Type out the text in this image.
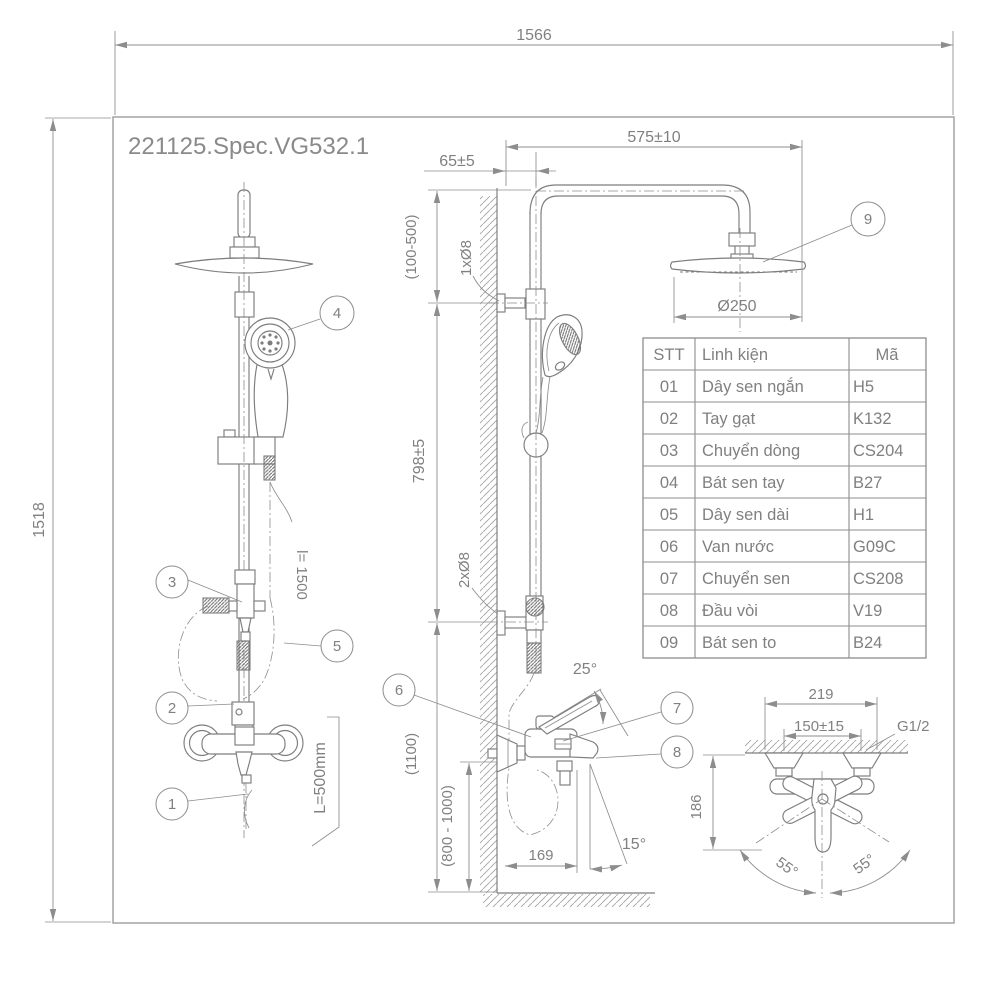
221125.Spec.VG532.1
1566
1518
l= 1500
L=500mm
25°
15°
(100-500)
798±5
(1100)
(800 - 1000)
1xØ8
2xØ8
575±10
65±5
Ø250
169
219
150±15	G1/2
186
55°	55°
1
2
3
4
5
6
7
8
9
STT Linh kiện	Mã
01 Dây sen ngắn	H5
02 Tay gạt	K132
03 Chuyển dòng	CS204
04 Bát sen tay	B27
05 Dây sen dài	H1
06 Van nước	G09C
07 Chuyển sen	CS208
08 Đầu vòi	V19
09 Bát sen to	B24
